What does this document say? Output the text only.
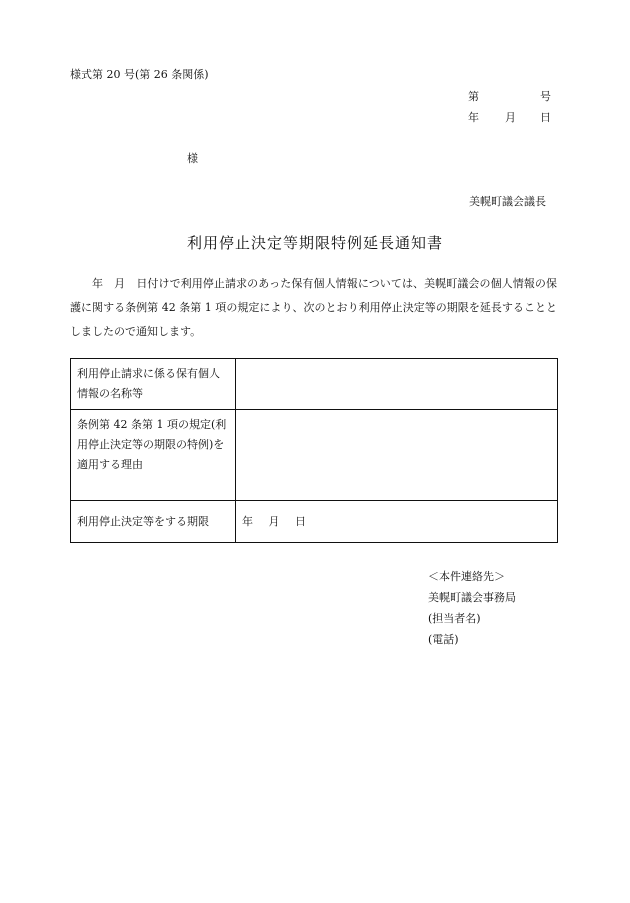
様式第 20 号(第 26 条関係)
第	号
年 月 日
様
美幌町議会議長
利用停止決定等期限特例延長通知書
年　月　日付けで利用停止請求のあった保有個人情報については、美幌町議会の個人情報の保護に関する条例第 42 条第 1 項の規定により、次のとおり利用停止決定等の期限を延長することとしましたので通知します。
利用停止請求に係る保有個人情報の名称等	
条例第 42 条第 1 項の規定(利用停止決定等の期限の特例)を適用する理由	
利用停止決定等をする期限	年 月 日
＜本件連絡先＞
美幌町議会事務局
(担当者名)
(電話)
